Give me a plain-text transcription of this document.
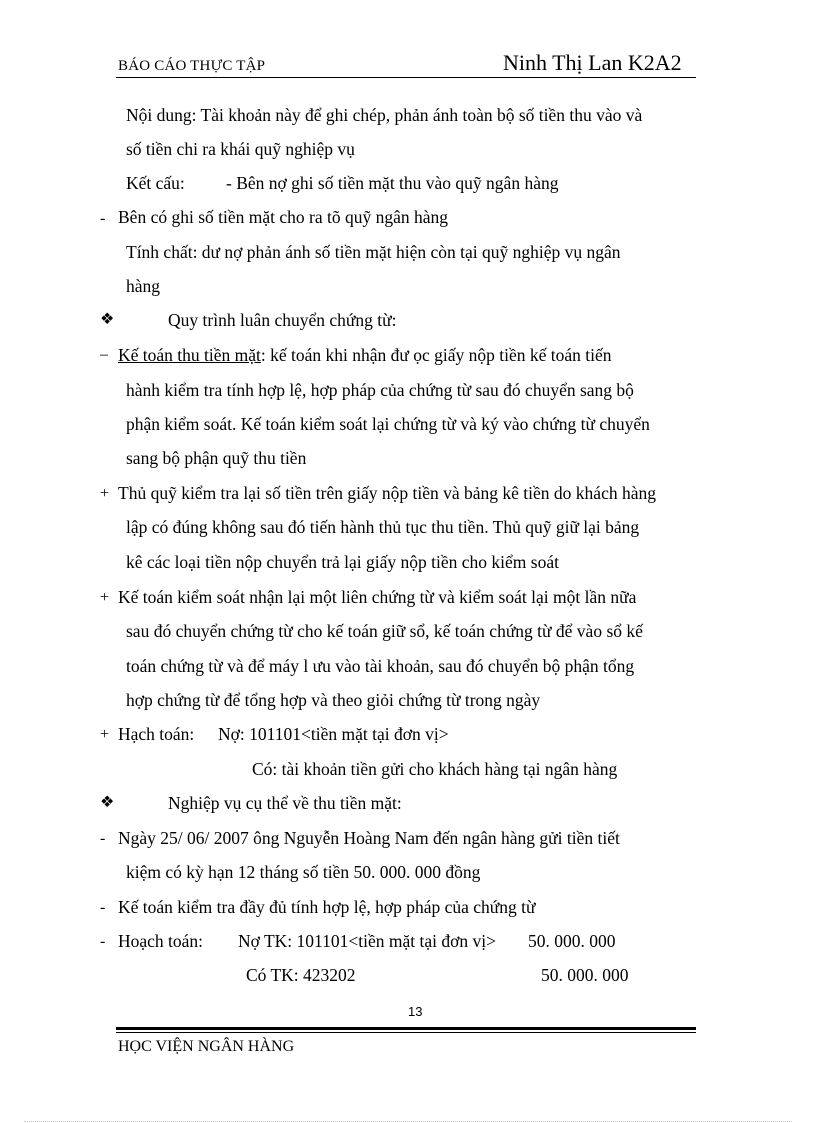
BÁO CÁO THỰC TẬP	Ninh Thị Lan K2A2
Nội dung: Tài khoản này để ghi chép, phản ánh toàn bộ số tiền thu vào và
số tiền chi ra khái quỹ nghiệp vụ
Kết cấu: - Bên nợ ghi số tiền mặt thu vào quỹ ngân hàng
- Bên có ghi số tiền mặt cho ra tõ quỹ ngân hàng
Tính chất: dư nợ phản ánh số tiền mặt hiện còn tại quỹ nghiệp vụ ngân
hàng
❖	Quy trình luân chuyển chứng từ:
– Kế toán thu tiền mặt: kế toán khi nhận đư ọc giấy nộp tiền kế toán tiến
hành kiểm tra tính hợp lệ, hợp pháp của chứng từ sau đó chuyển sang bộ
phận kiểm soát. Kế toán kiểm soát lại chứng từ và ký vào chứng từ chuyển
sang bộ phận quỹ thu tiền
+ Thủ quỹ kiểm tra lại số tiền trên giấy nộp tiền và bảng kê tiền do khách hàng
lập có đúng không sau đó tiến hành thủ tục thu tiền. Thủ quỹ giữ lại bảng
kê các loại tiền nộp chuyển trả lại giấy nộp tiền cho kiểm soát
+ Kế toán kiểm soát nhận lại một liên chứng từ và kiểm soát lại một lần nữa
sau đó chuyển chứng từ cho kế toán giữ sổ, kế toán chứng từ để vào sổ kế
toán chứng từ và để máy l ưu vào tài khoản, sau đó chuyển bộ phận tổng
hợp chứng từ để tổng hợp và theo giỏi chứng từ trong ngày
+ Hạch toán: Nợ: 101101<tiền mặt tại đơn vị>
Có: tài khoản tiền gửi cho khách hàng tại ngân hàng
❖	Nghiệp vụ cụ thể về thu tiền mặt:
- Ngày 25/ 06/ 2007 ông Nguyễn Hoàng Nam đến ngân hàng gửi tiền tiết
kiệm có kỳ hạn 12 tháng số tiền 50. 000. 000 đồng
- Kế toán kiểm tra đầy đủ tính hợp lệ, hợp pháp của chứng từ
- Hoạch toán: Nợ TK: 101101<tiền mặt tại đơn vị> 50. 000. 000
Có TK: 423202	50. 000. 000
13
HỌC VIỆN NGÂN HÀNG
